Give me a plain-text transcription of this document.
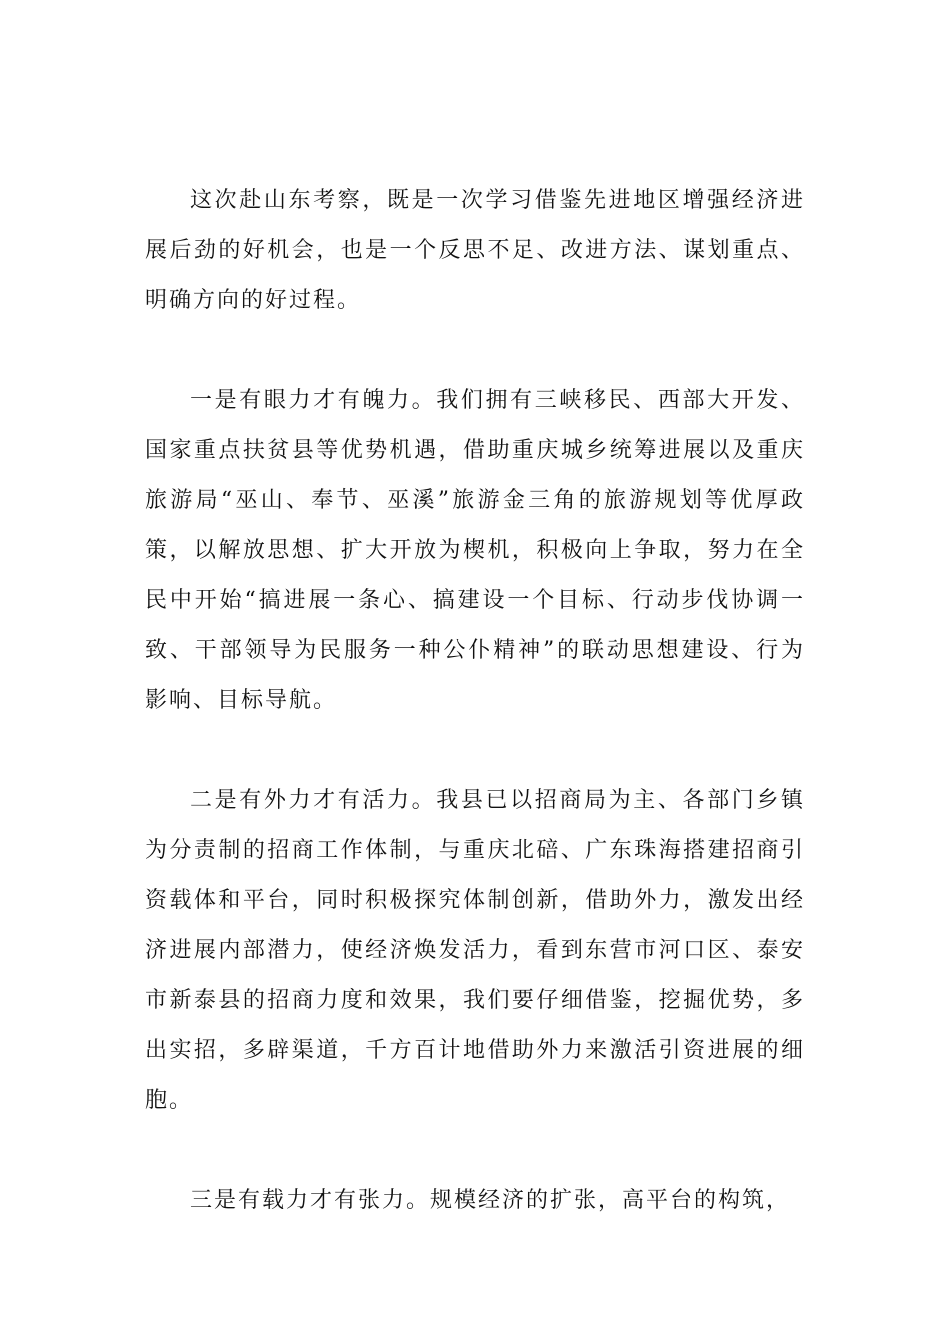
这次赴山东考察，既是一次学习借鉴先进地区增强经济进展后劲的好机会，也是一个反思不足、改进方法、谋划重点、明确方向的好过程。

一是有眼力才有魄力。我们拥有三峡移民、西部大开发、国家重点扶贫县等优势机遇，借助重庆城乡统筹进展以及重庆旅游局“巫山、奉节、巫溪”旅游金三角的旅游规划等优厚政策，以解放思想、扩大开放为楔机，积极向上争取，努力在全民中开始“搞进展一条心、搞建设一个目标、行动步伐协调一致、干部领导为民服务一种公仆精神”的联动思想建设、行为影响、目标导航。

二是有外力才有活力。我县已以招商局为主、各部门乡镇为分责制的招商工作体制，与重庆北碚、广东珠海搭建招商引资载体和平台，同时积极探究体制创新，借助外力，激发出经济进展内部潜力，使经济焕发活力，看到东营市河口区、泰安市新泰县的招商力度和效果，我们要仔细借鉴，挖掘优势，多出实招，多辟渠道，千方百计地借助外力来激活引资进展的细胞。

三是有载力才有张力。规模经济的扩张，高平台的构筑，
